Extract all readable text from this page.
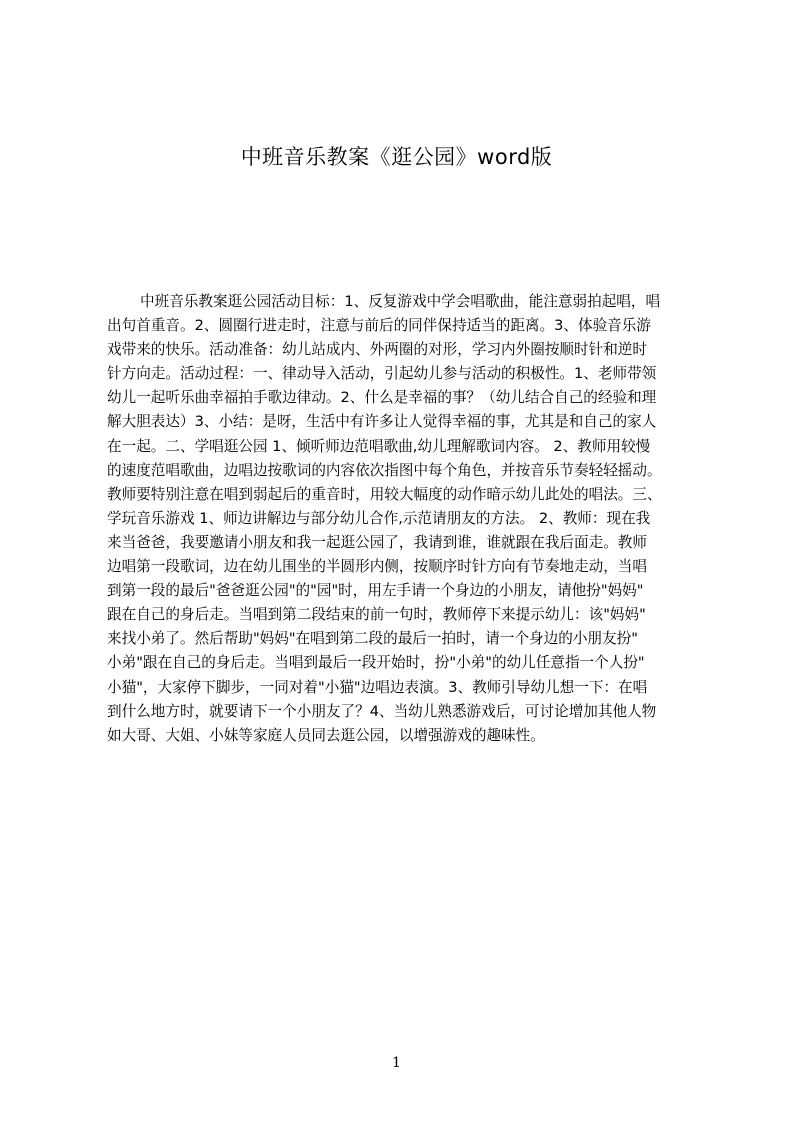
中班音乐教案《逛公园》word版
中班音乐教案逛公园活动目标：1、反复游戏中学会唱歌曲，能注意弱拍起唱，唱
出句首重音。2、圆圈行进走时，注意与前后的同伴保持适当的距离。3、体验音乐游
戏带来的快乐。活动准备：幼儿站成内、外两圈的对形，学习内外圈按顺时针和逆时
针方向走。活动过程：一、律动导入活动，引起幼儿参与活动的积极性。1、老师带领
幼儿一起听乐曲幸福拍手歌边律动。2、什么是幸福的事？（幼儿结合自己的经验和理
解大胆表达）3、小结：是呀，生活中有许多让人觉得幸福的事，尤其是和自己的家人
在一起。二、学唱逛公园 1、倾听师边范唱歌曲,幼儿理解歌词内容。 2、教师用较慢
的速度范唱歌曲，边唱边按歌词的内容依次指图中每个角色，并按音乐节奏轻轻摇动。
教师要特别注意在唱到弱起后的重音时，用较大幅度的动作暗示幼儿此处的唱法。三、
学玩音乐游戏 1、师边讲解边与部分幼儿合作,示范请朋友的方法。 2、教师：现在我
来当爸爸，我要邀请小朋友和我一起逛公园了，我请到谁，谁就跟在我后面走。教师
边唱第一段歌词，边在幼儿围坐的半圆形内侧，按顺序时针方向有节奏地走动，当唱
到第一段的最后"爸爸逛公园"的"园"时，用左手请一个身边的小朋友，请他扮"妈妈"
跟在自己的身后走。当唱到第二段结束的前一句时，教师停下来提示幼儿：该"妈妈"
来找小弟了。然后帮助"妈妈"在唱到第二段的最后一拍时，请一个身边的小朋友扮"
小弟"跟在自己的身后走。当唱到最后一段开始时，扮"小弟"的幼儿任意指一个人扮"
小猫"，大家停下脚步，一同对着"小猫"边唱边表演。3、教师引导幼儿想一下：在唱
到什么地方时，就要请下一个小朋友了？4、当幼儿熟悉游戏后，可讨论增加其他人物
如大哥、大姐、小妹等家庭人员同去逛公园，以增强游戏的趣味性。
1
